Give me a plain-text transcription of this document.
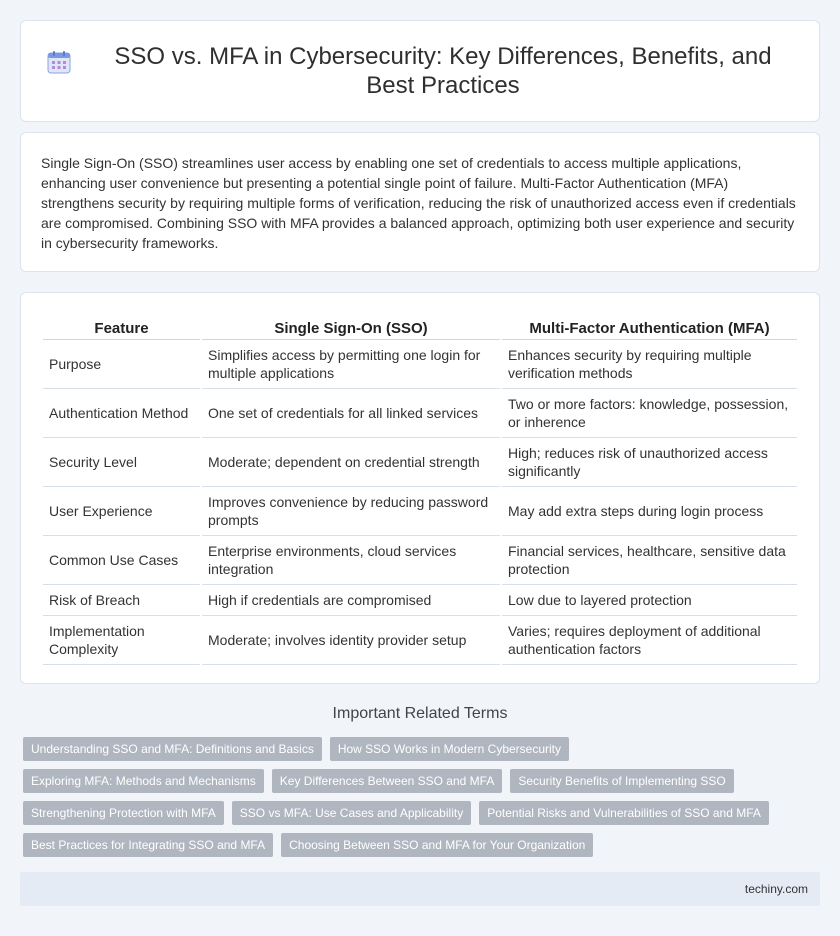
SSO vs. MFA in Cybersecurity: Key Differences, Benefits, and Best Practices

Single Sign-On (SSO) streamlines user access by enabling one set of credentials to access multiple applications, enhancing user convenience but presenting a potential single point of failure. Multi-Factor Authentication (MFA) strengthens security by requiring multiple forms of verification, reducing the risk of unauthorized access even if credentials are compromised. Combining SSO with MFA provides a balanced approach, optimizing both user experience and security in cybersecurity frameworks.

Feature	Single Sign-On (SSO)	Multi-Factor Authentication (MFA)
Purpose	Simplifies access by permitting one login for multiple applications	Enhances security by requiring multiple verification methods
Authentication Method	One set of credentials for all linked services	Two or more factors: knowledge, possession, or inherence
Security Level	Moderate; dependent on credential strength	High; reduces risk of unauthorized access significantly
User Experience	Improves convenience by reducing password prompts	May add extra steps during login process
Common Use Cases	Enterprise environments, cloud services integration	Financial services, healthcare, sensitive data protection
Risk of Breach	High if credentials are compromised	Low due to layered protection
Implementation Complexity	Moderate; involves identity provider setup	Varies; requires deployment of additional authentication factors
Important Related Terms
Understanding SSO and MFA: Definitions and Basics	How SSO Works in Modern Cybersecurity
Exploring MFA: Methods and Mechanisms	Key Differences Between SSO and MFA	Security Benefits of Implementing SSO
Strengthening Protection with MFA	SSO vs MFA: Use Cases and Applicability	Potential Risks and Vulnerabilities of SSO and MFA
Best Practices for Integrating SSO and MFA	Choosing Between SSO and MFA for Your Organization
techiny.com
